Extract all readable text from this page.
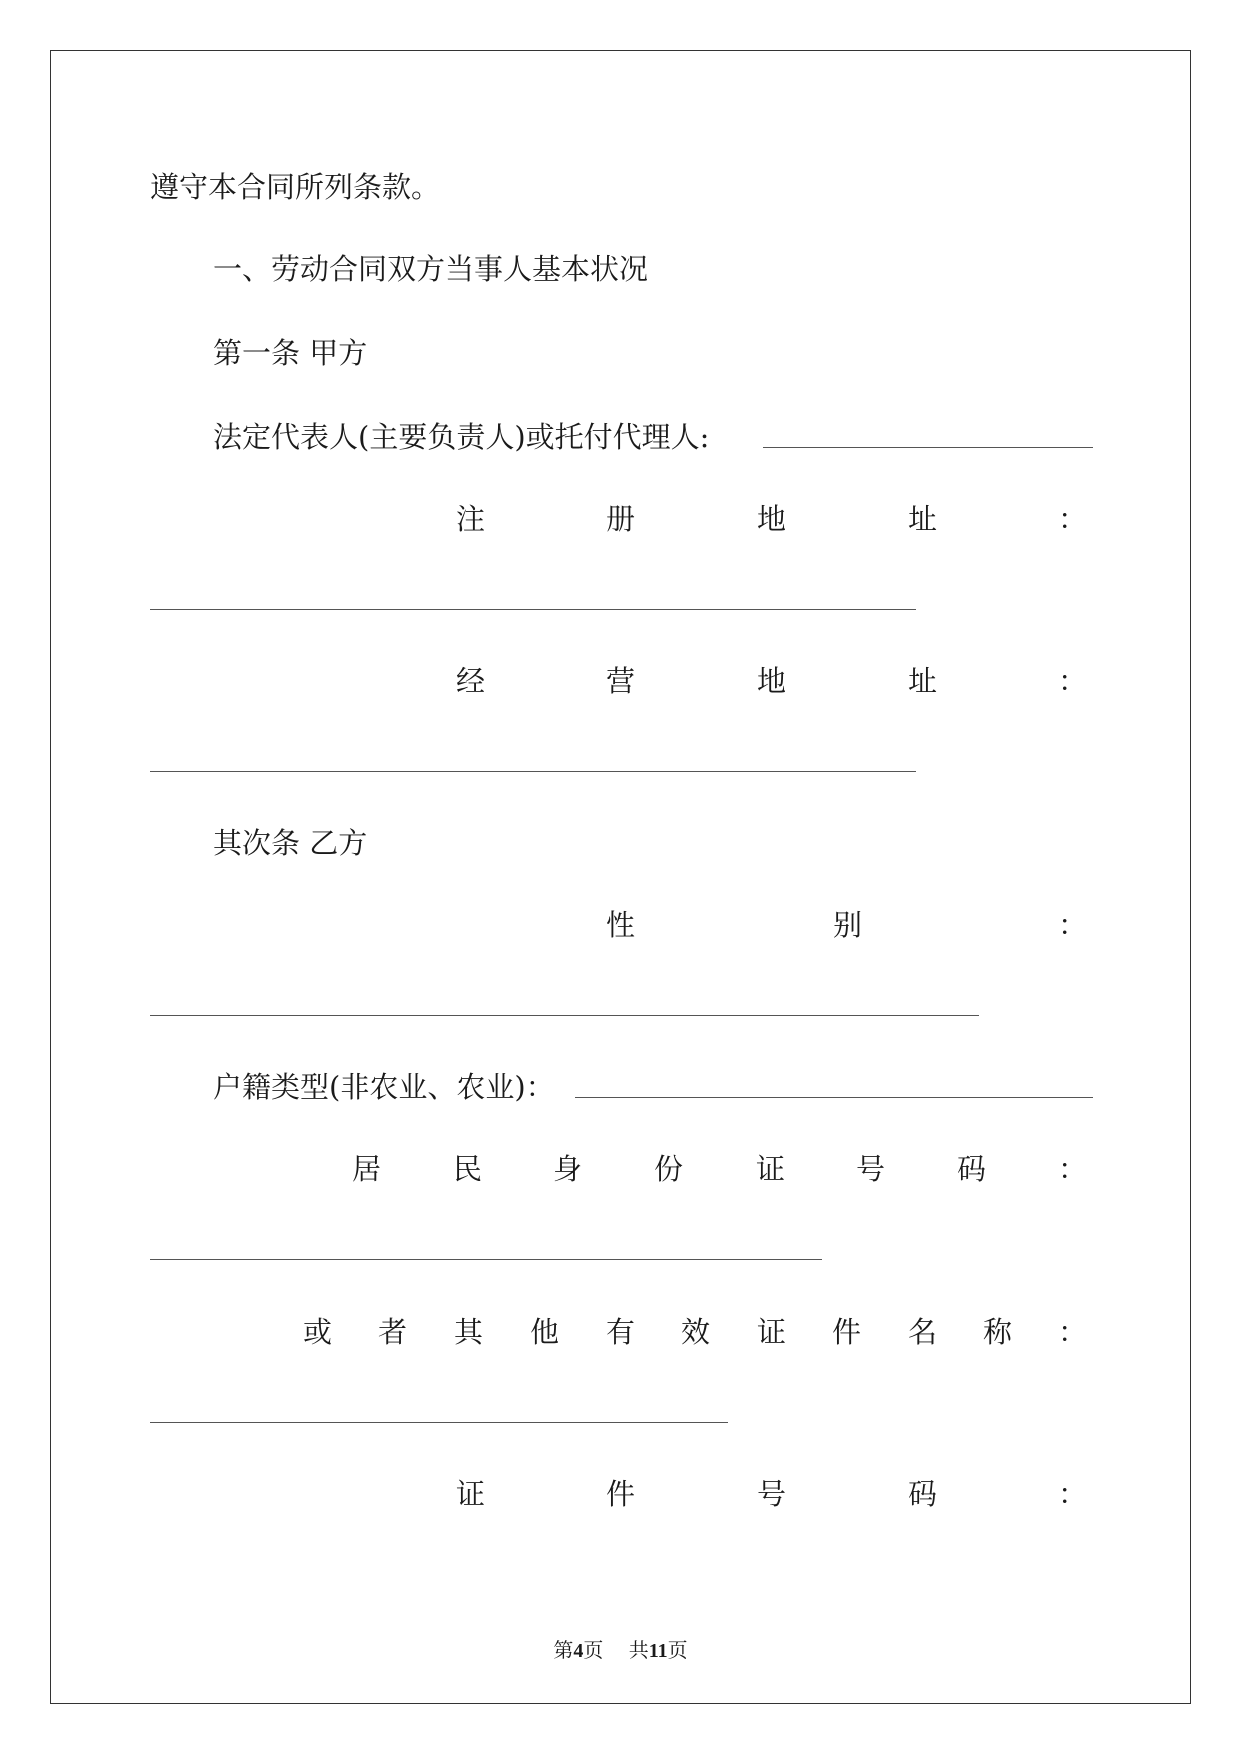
遵守本合同所列条款。
一、劳动合同双方当事人基本状况
第一条 甲方
法定代表人(主要负责人)或托付代理人:
注	册	地	址	：
经	营	地	址	：
其次条 乙方
性	别	：
户籍类型(非农业、农业)：
居 民 身 份	证 号 码 ：
或 者 其 他 有 效 证 件 名 称 ：
证	件	号	码	：
第4页    共11页
